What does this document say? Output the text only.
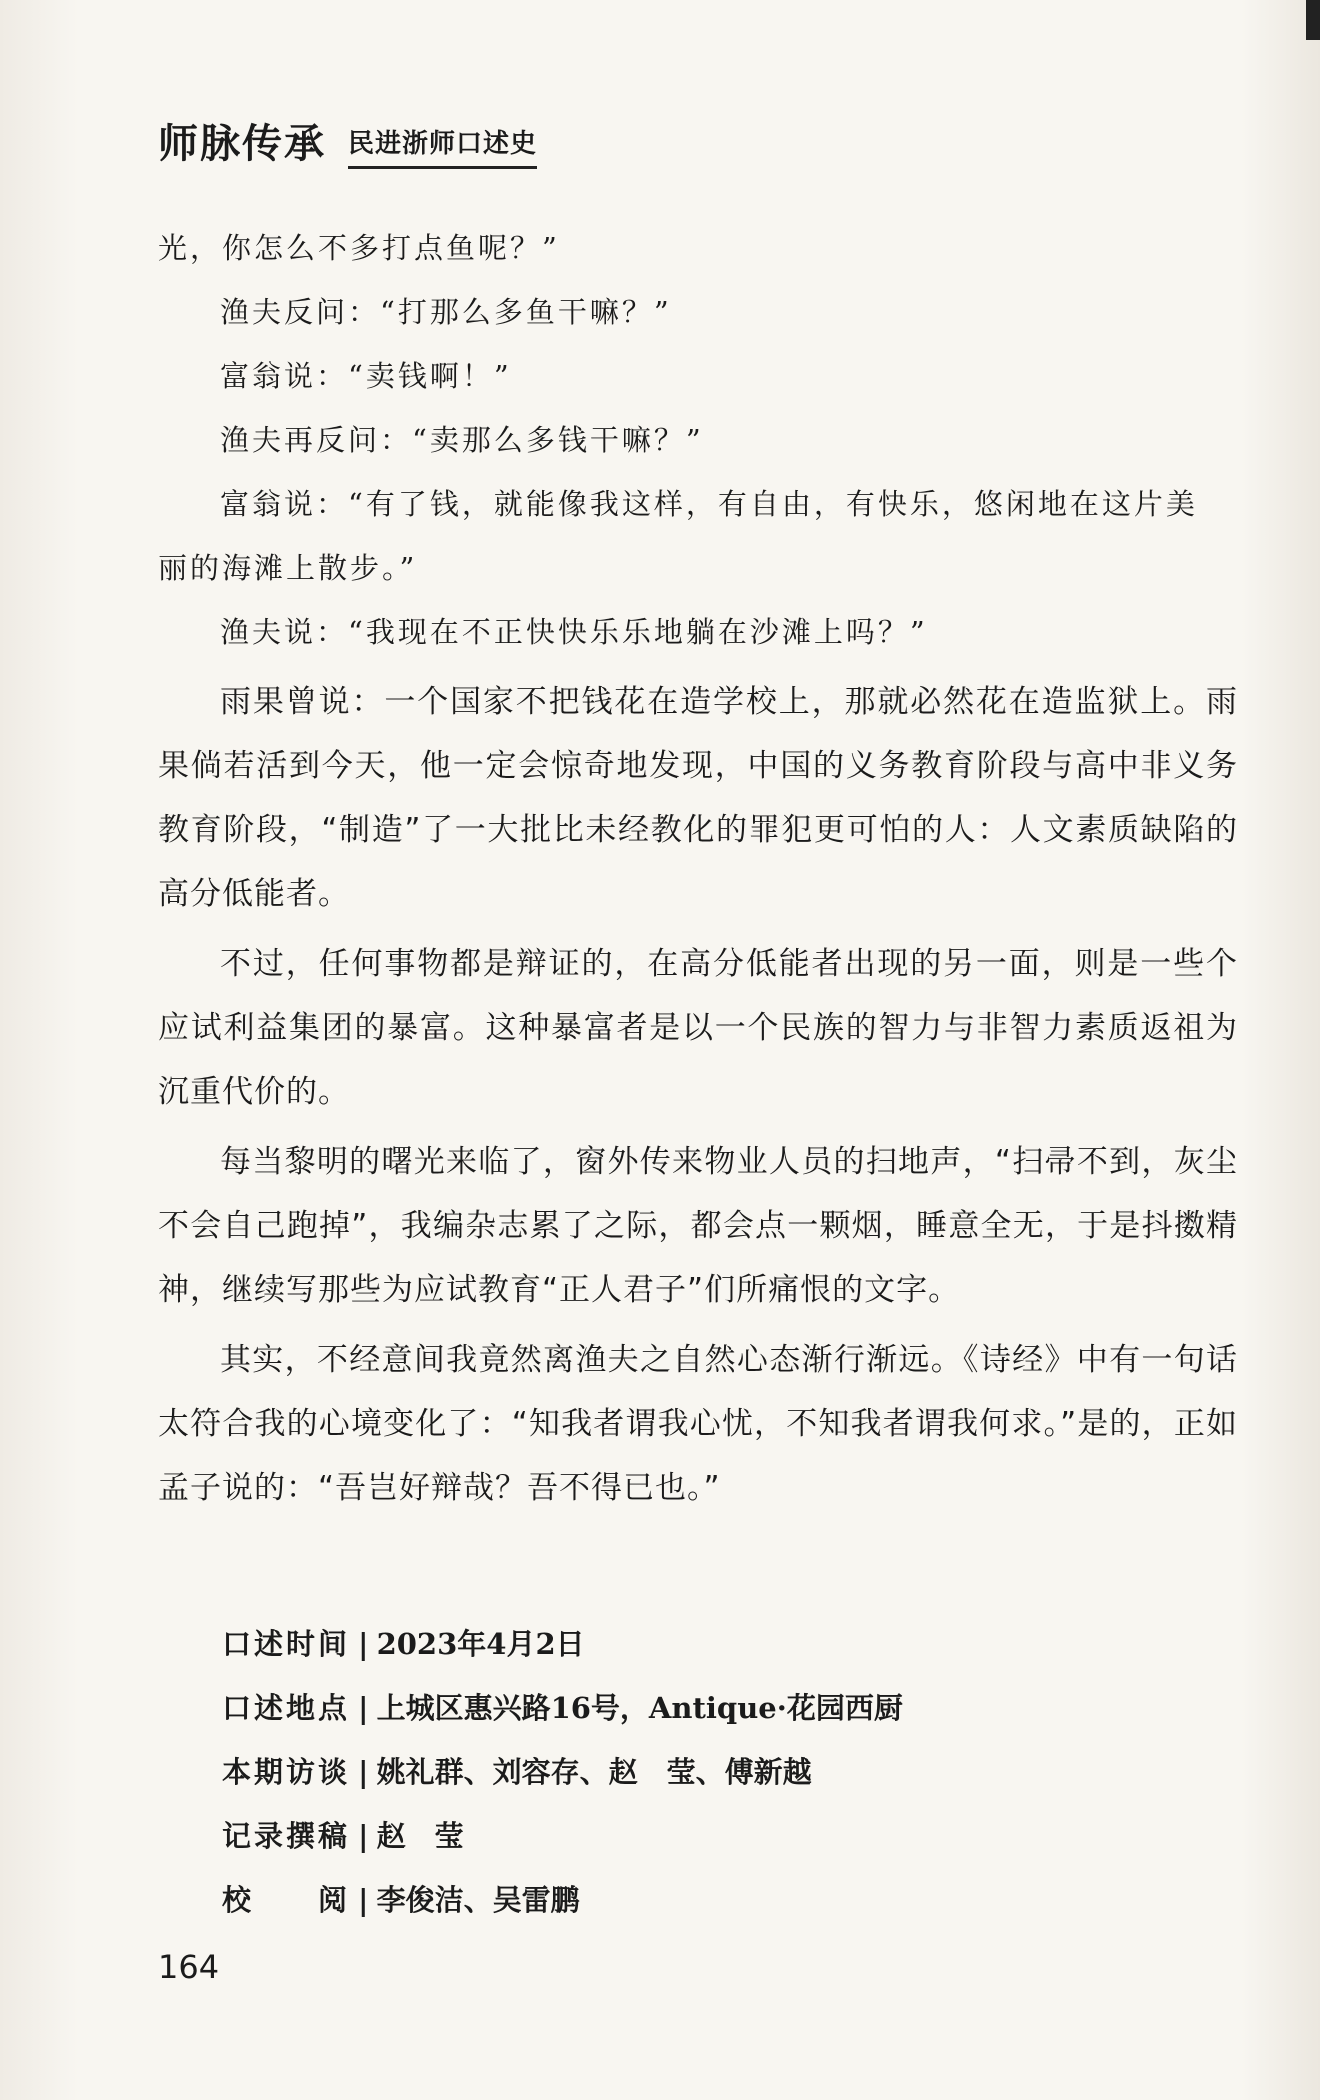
师脉传承 民进浙师口述史

光，你怎么不多打点鱼呢？”

渔夫反问：“打那么多鱼干嘛？”

富翁说：“卖钱啊！”

渔夫再反问：“卖那么多钱干嘛？”

富翁说：“有了钱，就能像我这样，有自由，有快乐，悠闲地在这片美

丽的海滩上散步。”

渔夫说：“我现在不正快快乐乐地躺在沙滩上吗？”

雨果曾说：一个国家不把钱花在造学校上，那就必然花在造监狱上。雨果倘若活到今天，他一定会惊奇地发现，中国的义务教育阶段与高中非义务教育阶段，“制造”了一大批比未经教化的罪犯更可怕的人：人文素质缺陷的高分低能者。

不过，任何事物都是辩证的，在高分低能者出现的另一面，则是一些个应试利益集团的暴富。这种暴富者是以一个民族的智力与非智力素质返祖为沉重代价的。

每当黎明的曙光来临了，窗外传来物业人员的扫地声，“扫帚不到，灰尘不会自己跑掉”，我编杂志累了之际，都会点一颗烟，睡意全无，于是抖擞精神，继续写那些为应试教育“正人君子”们所痛恨的文字。

其实，不经意间我竟然离渔夫之自然心态渐行渐远。《诗经》中有一句话太符合我的心境变化了：“知我者谓我心忧，不知我者谓我何求。”是的，正如孟子说的：“吾岂好辩哉？吾不得已也。”

口述时间 | 2023年4月2日
口述地点 | 上城区惠兴路16号，Antique·花园西厨
本期访谈 | 姚礼群、刘容存、赵　莹、傅新越
记录撰稿 | 赵　莹
校　　阅 | 李俊洁、吴雷鹏
164
